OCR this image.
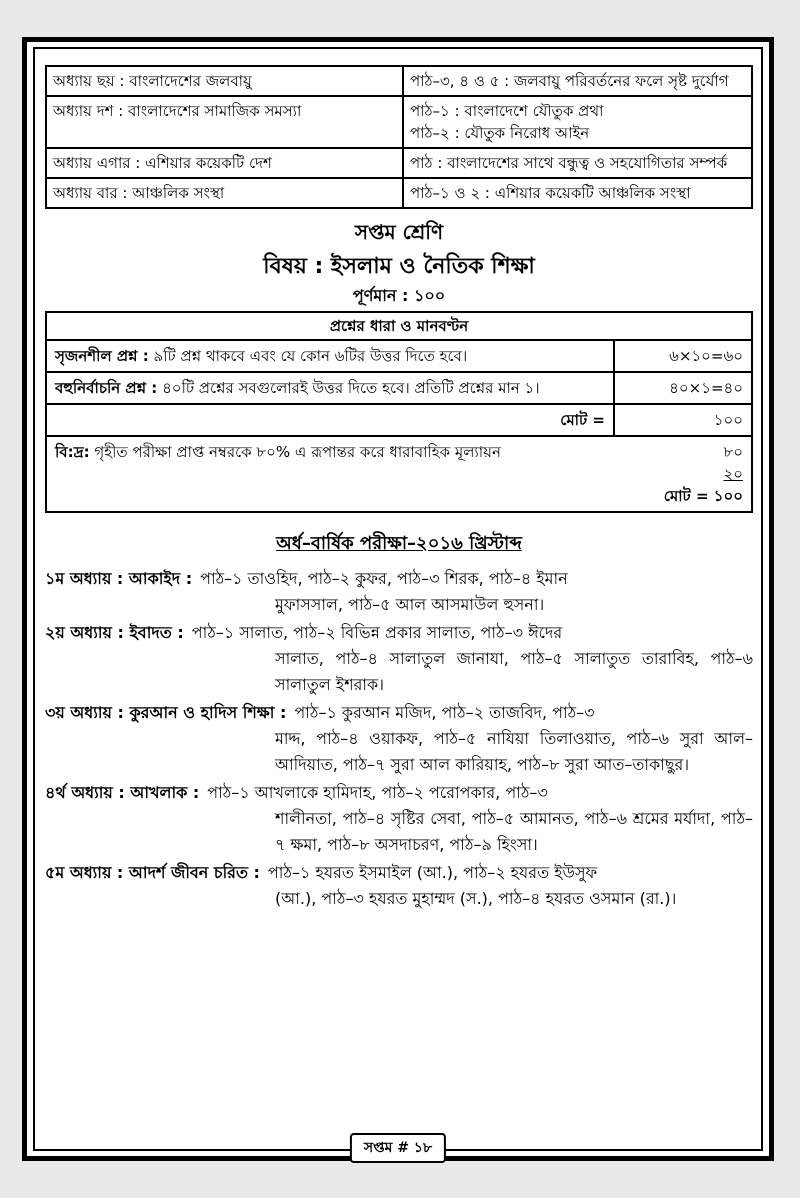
অধ্যায় ছয় : বাংলাদেশের জলবায়ু	পাঠ–৩, ৪ ও ৫ : জলবায়ু পরিবর্তনের ফলে সৃষ্ট দুর্যোগ

অধ্যায় দশ : বাংলাদেশের সামাজিক সমস্যা	পাঠ–১ : বাংলাদেশে যৌতুক প্রথা
পাঠ–২ : যৌতুক নিরোধ আইন

অধ্যায় এগার : এশিয়ার কয়েকটি দেশ	পাঠ : বাংলাদেশের সাথে বন্ধুত্ব ও সহযোগিতার সম্পর্ক

অধ্যায় বার : আঞ্চলিক সংস্থা	পাঠ–১ ও ২ : এশিয়ার কয়েকটি আঞ্চলিক সংস্থা
সপ্তম শ্রেণি
বিষয় : ইসলাম ও নৈতিক শিক্ষা
পূর্ণমান : ১০০
প্রশ্নের ধারা ও মানবণ্টন
সৃজনশীল প্রশ্ন : ৯টি প্রশ্ন থাকবে এবং যে কোন ৬টির উত্তর দিতে হবে।	৬×১০=৬০
বহুনির্বাচনি প্রশ্ন : ৪০টি প্রশ্নের সবগুলোরই উত্তর দিতে হবে। প্রতিটি প্রশ্নের মান ১।	৪০×১=৪০
মোট =	১০০
বি:দ্র: গৃহীত পরীক্ষা প্রাপ্ত নম্বরকে ৮০% এ রূপান্তর করে ধারাবাহিক মূল্যায়ন	৮০
২০
মোট = ১০০
অর্ধ–বার্ষিক পরীক্ষা–২০১৬ খ্রিস্টাব্দ
১ম অধ্যায় : আকাইদ : পাঠ–১ তাওহিদ, পাঠ–২ কুফর, পাঠ–৩ শিরক, পাঠ–৪ ইমান
মুফাসসাল, পাঠ–৫ আল আসমাউল হুসনা।
২য় অধ্যায় : ইবাদত : পাঠ–১ সালাত, পাঠ–২ বিভিন্ন প্রকার সালাত, পাঠ–৩ ঈদের
সালাত, পাঠ–৪ সালাতুল জানাযা, পাঠ–৫ সালাতুত তারাবিহ, পাঠ–৬ সালাতুল ইশরাক।
৩য় অধ্যায় : কুরআন ও হাদিস শিক্ষা : পাঠ–১ কুরআন মজিদ, পাঠ–২ তাজবিদ, পাঠ–৩
মাদ্দ, পাঠ–৪ ওয়াকফ, পাঠ–৫ নাযিয়া তিলাওয়াত, পাঠ–৬ সুরা আল–আদিয়াত, পাঠ–৭ সুরা আল কারিয়াহ, পাঠ–৮ সুরা আত–তাকাছুর।
৪র্থ অধ্যায় : আখলাক : পাঠ–১ আখলাকে হামিদাহ, পাঠ–২ পরোপকার, পাঠ–৩
শালীনতা, পাঠ–৪ সৃষ্টির সেবা, পাঠ–৫ আমানত, পাঠ–৬ শ্রমের মর্যাদা, পাঠ–৭ ক্ষমা, পাঠ–৮ অসদাচরণ, পাঠ–৯ হিংসা।
৫ম অধ্যায় : আদর্শ জীবন চরিত : পাঠ–১ হযরত ইসমাইল (আ.), পাঠ–২ হযরত ইউসুফ
(আ.), পাঠ–৩ হযরত মুহাম্মদ (স.), পাঠ–৪ হযরত ওসমান (রা.)।
সপ্তম # ১৮
